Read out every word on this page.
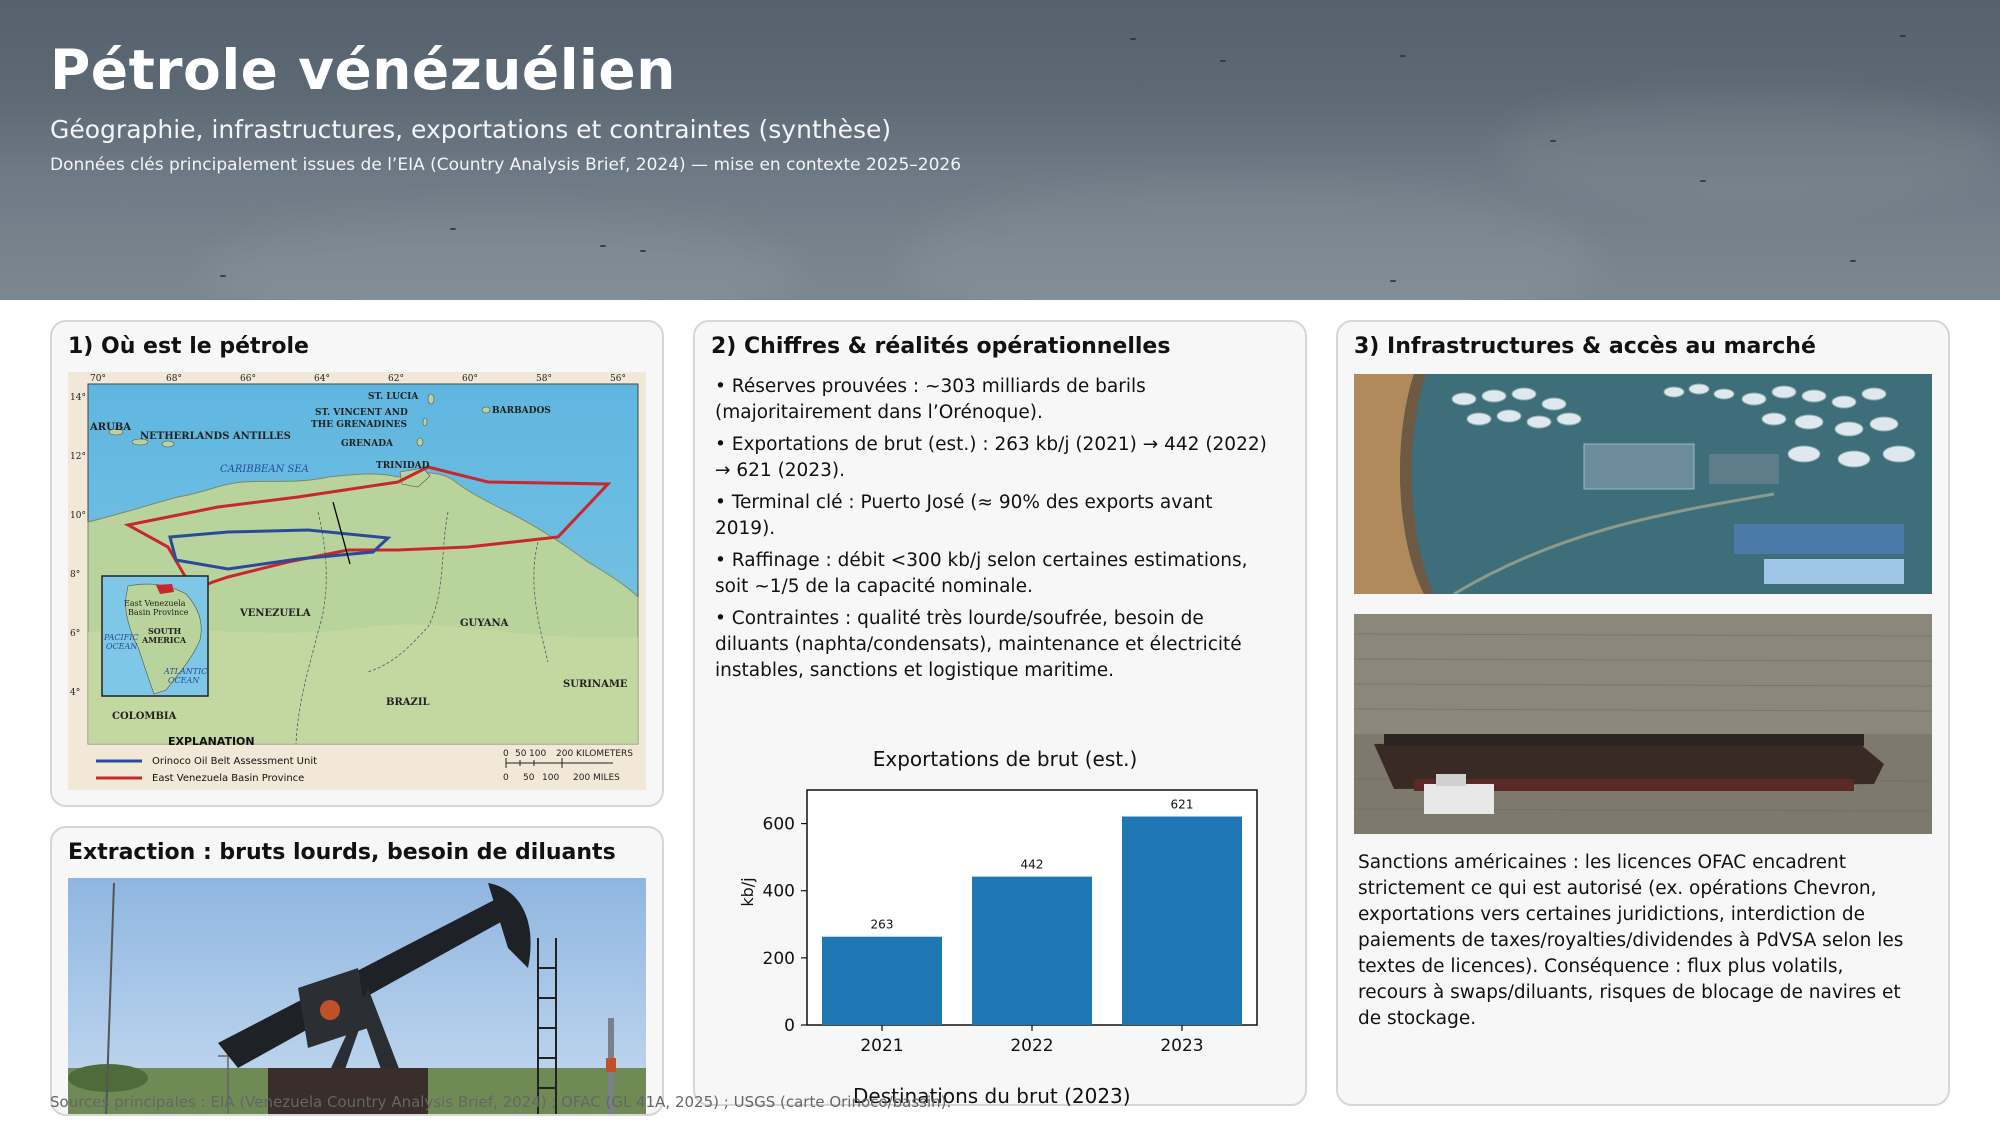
Pétrole vénézuélien
Géographie, infrastructures, exportations et contraintes (synthèse)
Données clés principalement issues de l’EIA (Country Analysis Brief, 2024) — mise en contexte 2025–2026
1) Où est le pétrole
70°	68°	66°	64°	62°	60°	58°	56°
14°
12°
10°
8°
6°
4°
ARUBA
NETHERLANDS ANTILLES
ST. LUCIA
ST. VINCENT AND
THE GRENADINES
GRENADA
BARBADOS
TRINIDAD
VENEZUELA
GUYANA
SURINAME
BRAZIL
COLOMBIA
CARIBBEAN SEA
East Venezuela
Basin Province
SOUTH
AMERICA
PACIFIC
OCEAN
ATLANTIC
OCEAN
EXPLANATION
Orinoco Oil Belt Assessment Unit
East Venezuela Basin Province
0 50 100 200 KILOMETERS
0 50 100 200 MILES
Extraction : bruts lourds, besoin de diluants
2) Chiffres & réalités opérationnelles
• Réserves prouvées : ~303 milliards de barils (majoritairement dans l’Orénoque).
• Exportations de brut (est.) : 263 kb/j (2021) → 442 (2022) → 621 (2023).
• Terminal clé : Puerto José (≈ 90% des exports avant 2019).
• Raffinage : débit <300 kb/j selon certaines estimations, soit ~1/5 de la capacité nominale.
• Contraintes : qualité très lourde/soufrée, besoin de diluants (naphta/condensats), maintenance et électricité instables, sanctions et logistique maritime.
Exportations de brut (est.)
kb/j
0
200
400
600
263
2021
442
2022
621
2023
3) Infrastructures & accès au marché
Sanctions américaines : les licences OFAC encadrent strictement ce qui est autorisé (ex. opérations Chevron, exportations vers certaines juridictions, interdiction de paiements de taxes/royalties/dividendes à PdVSA selon les textes de licences). Conséquence : flux plus volatils, recours à swaps/diluants, risques de blocage de navires et de stockage.
Destinations du brut (2023)
Sources principales : EIA (Venezuela Country Analysis Brief, 2024) ; OFAC (GL 41A, 2025) ; USGS (carte Orinoco/bassin).
